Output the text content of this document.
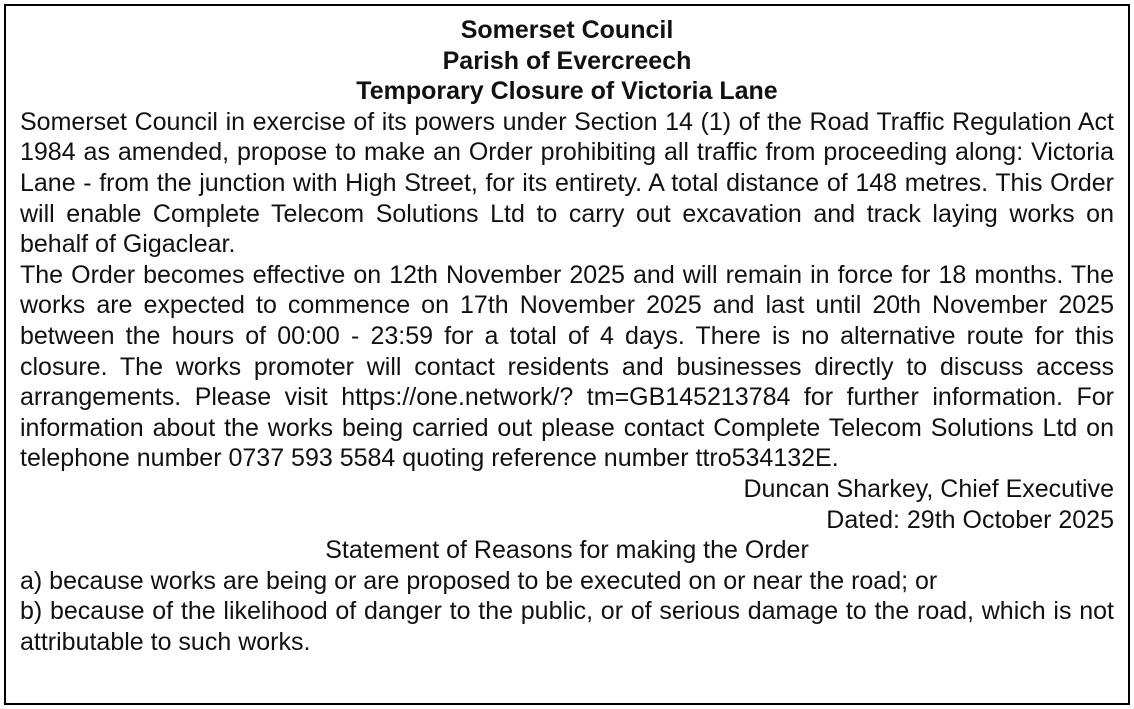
Somerset Council

Parish of Evercreech

Temporary Closure of Victoria Lane

Somerset Council in exercise of its powers under Section 14 (1) of the Road Traffic Regulation Act 1984 as amended, propose to make an Order prohibiting all traffic from proceeding along: Victoria Lane - from the junction with High Street, for its entirety. A total distance of 148 metres. This Order will enable Complete Telecom Solutions Ltd to carry out excavation and track laying works on behalf of Gigaclear.

The Order becomes effective on 12th November 2025 and will remain in force for 18 months. The works are expected to commence on 17th November 2025 and last until 20th November 2025 between the hours of 00:00 - 23:59 for a total of 4 days. There is no alternative route for this closure. The works promoter will contact residents and businesses directly to discuss access arrangements. Please visit https://one.network/? tm=GB145213784 for further information. For information about the works being carried out please contact Complete Telecom Solutions Ltd on telephone number 0737 593 5584 quoting reference number ttro534132E.

Duncan Sharkey, Chief Executive

Dated: 29th October 2025

Statement of Reasons for making the Order

a) because works are being or are proposed to be executed on or near the road; or

b) because of the likelihood of danger to the public, or of serious damage to the road, which is not attributable to such works.
